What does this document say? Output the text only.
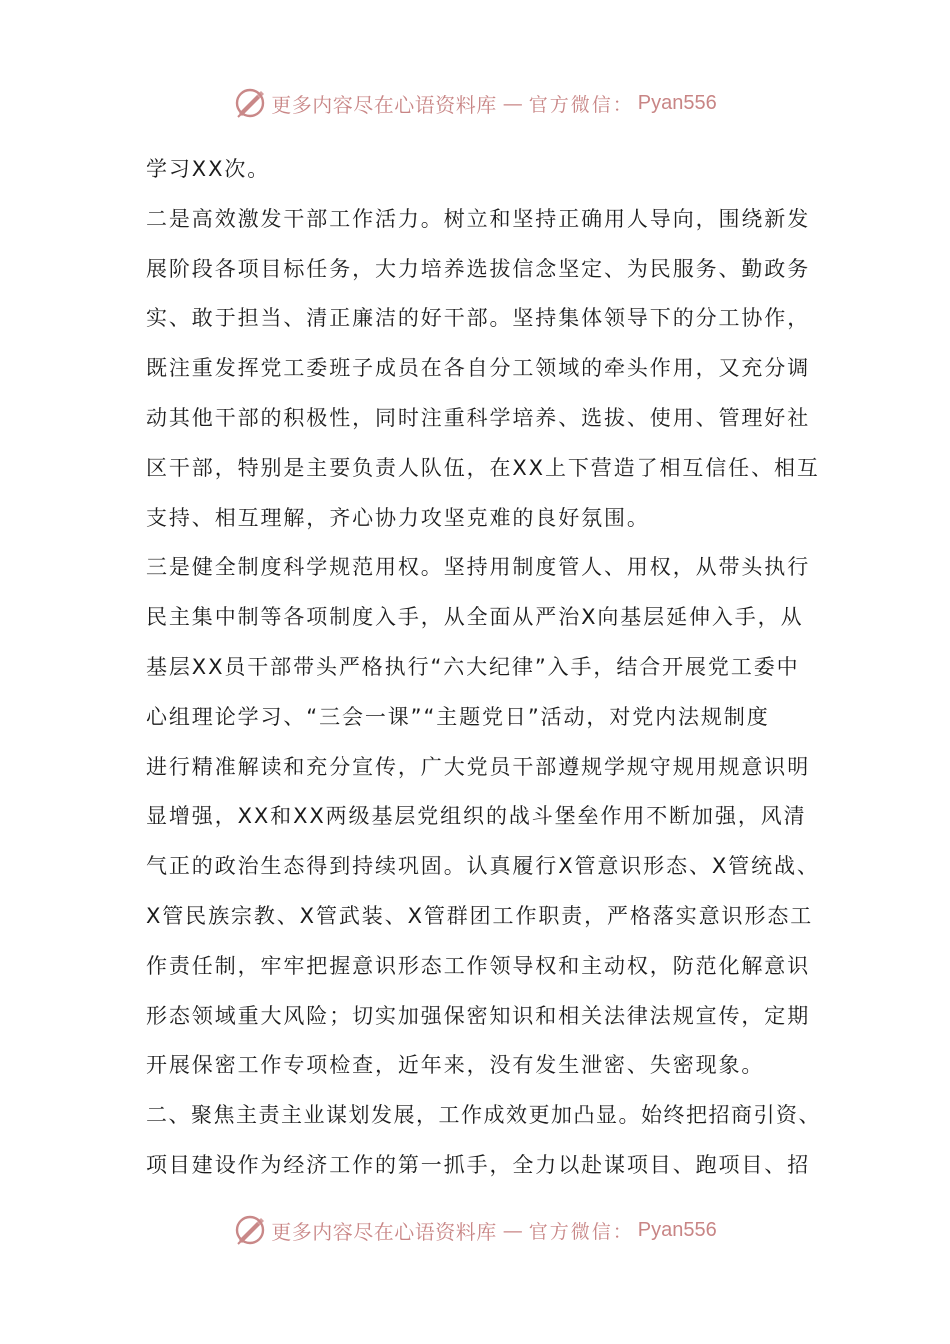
更多内容尽在心语资料库 — 官方微信： Pyan556
学习XX次。
二是高效激发干部工作活力。树立和坚持正确用人导向，围绕新发
展阶段各项目标任务，大力培养选拔信念坚定、为民服务、勤政务
实、敢于担当、清正廉洁的好干部。坚持集体领导下的分工协作，
既注重发挥党工委班子成员在各自分工领域的牵头作用，又充分调
动其他干部的积极性，同时注重科学培养、选拔、使用、管理好社
区干部，特别是主要负责人队伍，在XX上下营造了相互信任、相互
支持、相互理解，齐心协力攻坚克难的良好氛围。
三是健全制度科学规范用权。坚持用制度管人、用权，从带头执行
民主集中制等各项制度入手，从全面从严治X向基层延伸入手，从
基层XX员干部带头严格执行“六大纪律”入手，结合开展党工委中
心组理论学习、“三会一课”“主题党日”活动，对党内法规制度
进行精准解读和充分宣传，广大党员干部遵规学规守规用规意识明
显增强，XX和XX两级基层党组织的战斗堡垒作用不断加强，风清
气正的政治生态得到持续巩固。认真履行X管意识形态、X管统战、
X管民族宗教、X管武装、X管群团工作职责，严格落实意识形态工
作责任制，牢牢把握意识形态工作领导权和主动权，防范化解意识
形态领域重大风险；切实加强保密知识和相关法律法规宣传，定期
开展保密工作专项检查，近年来，没有发生泄密、失密现象。
二、聚焦主责主业谋划发展，工作成效更加凸显。始终把招商引资、
项目建设作为经济工作的第一抓手，全力以赴谋项目、跑项目、招
更多内容尽在心语资料库 — 官方微信： Pyan556
